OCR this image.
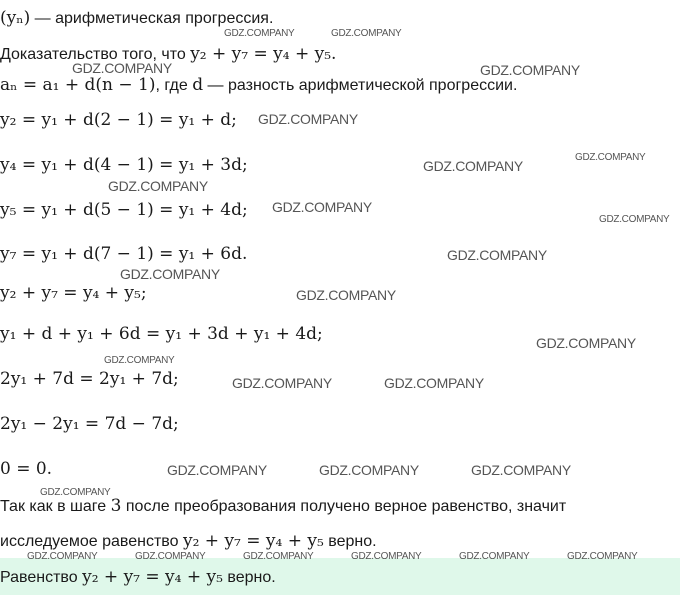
(yₙ) — арифметическая прогрессия.
Доказательство того, что y₂ + y₇ = y₄ + y₅.
aₙ = a₁ + d(n − 1), где d — разность арифметической прогрессии.
y₂ = y₁ + d(2 − 1) = y₁ + d;
y₄ = y₁ + d(4 − 1) = y₁ + 3d;
y₅ = y₁ + d(5 − 1) = y₁ + 4d;
y₇ = y₁ + d(7 − 1) = y₁ + 6d.
y₂ + y₇ = y₄ + y₅;
y₁ + d + y₁ + 6d = y₁ + 3d + y₁ + 4d;
2y₁ + 7d = 2y₁ + 7d;
2y₁ − 2y₁ = 7d − 7d;
0 = 0.
Так как в шаге 3 после преобразования получено верное равенство, значит
исследуемое равенство y₂ + y₇ = y₄ + y₅ верно.
Равенство y₂ + y₇ = y₄ + y₅ верно.
GDZ.COMPANY	GDZ.COMPANY
GDZ.COMPANY	GDZ.COMPANY
GDZ.COMPANY
GDZ.COMPANY
GDZ.COMPANY
GDZ.COMPANY
GDZ.COMPANY
GDZ.COMPANY
GDZ.COMPANY
GDZ.COMPANY
GDZ.COMPANY
GDZ.COMPANY
GDZ.COMPANY
GDZ.COMPANY	GDZ.COMPANY
GDZ.COMPANY	GDZ.COMPANY	GDZ.COMPANY
GDZ.COMPANY
GDZ.COMPANY	GDZ.COMPANY	GDZ.COMPANY	GDZ.COMPANY	GDZ.COMPANY	GDZ.COMPANY
